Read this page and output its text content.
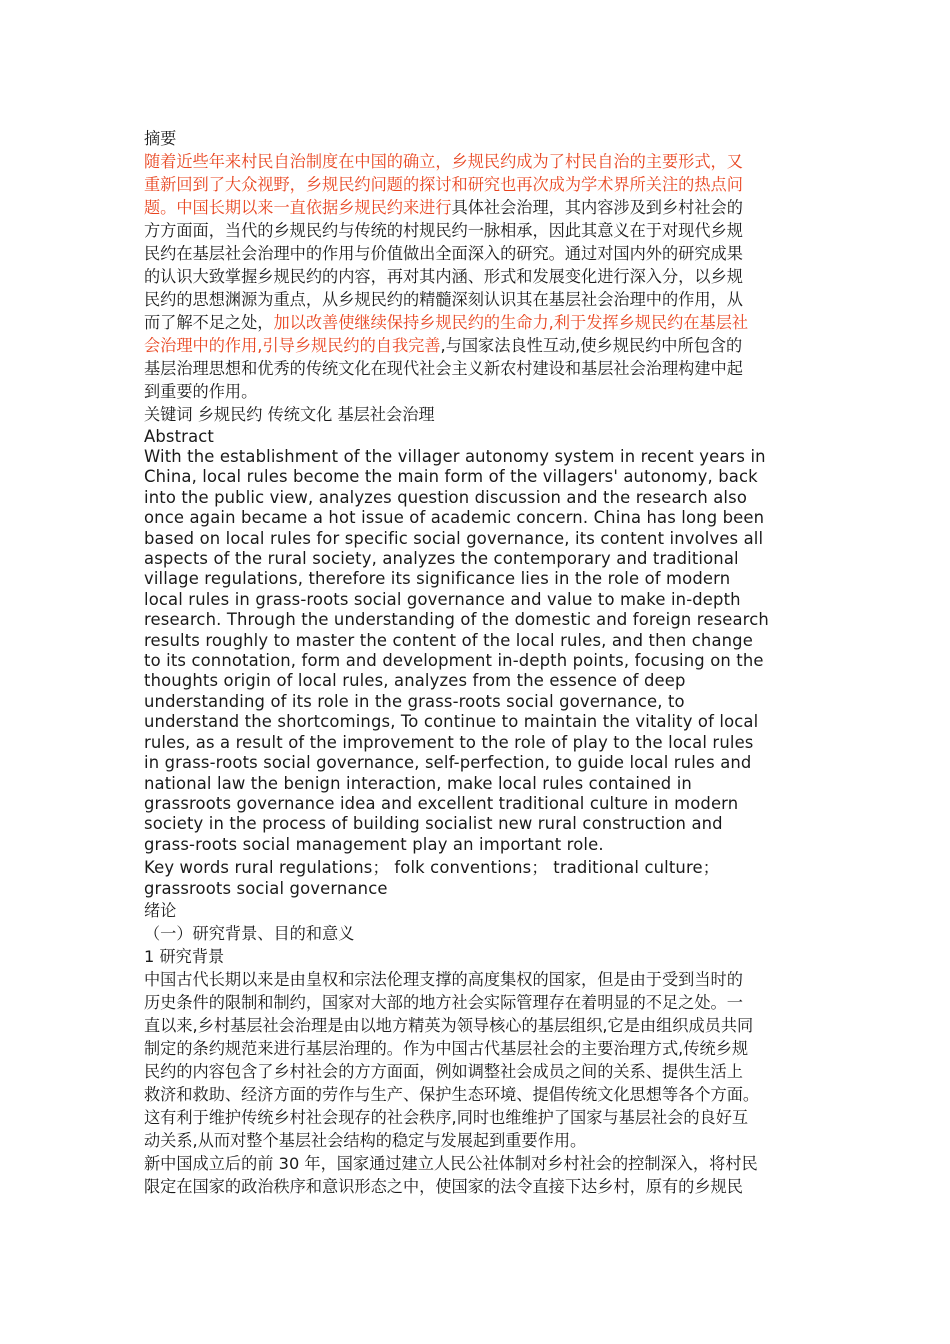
摘要
随着近些年来村民自治制度在中国的确立，乡规民约成为了村民自治的主要形式，又
重新回到了大众视野，乡规民约问题的探讨和研究也再次成为学术界所关注的热点问
题。中国长期以来一直依据乡规民约来进行具体社会治理，其内容涉及到乡村社会的
方方面面，当代的乡规民约与传统的村规民约一脉相承，因此其意义在于对现代乡规
民约在基层社会治理中的作用与价值做出全面深入的研究。通过对国内外的研究成果
的认识大致掌握乡规民约的内容，再对其内涵、形式和发展变化进行深入分，以乡规
民约的思想渊源为重点，从乡规民约的精髓深刻认识其在基层社会治理中的作用，从
而了解不足之处，加以改善使继续保持乡规民约的生命力,利于发挥乡规民约在基层社
会治理中的作用,引导乡规民约的自我完善,与国家法良性互动,使乡规民约中所包含的
基层治理思想和优秀的传统文化在现代社会主义新农村建设和基层社会治理构建中起
到重要的作用。
关键词 乡规民约 传统文化 基层社会治理
Abstract
With the establishment of the villager autonomy system in recent years in
China, local rules become the main form of the villagers' autonomy, back
into the public view, analyzes question discussion and the research also
once again became a hot issue of academic concern. China has long been
based on local rules for specific social governance, its content involves all
aspects of the rural society, analyzes the contemporary and traditional
village regulations, therefore its significance lies in the role of modern
local rules in grass-roots social governance and value to make in-depth
research. Through the understanding of the domestic and foreign research
results roughly to master the content of the local rules, and then change
to its connotation, form and development in-depth points, focusing on the
thoughts origin of local rules, analyzes from the essence of deep
understanding of its role in the grass-roots social governance, to
understand the shortcomings, To continue to maintain the vitality of local
rules, as a result of the improvement to the role of play to the local rules
in grass-roots social governance, self-perfection, to guide local rules and
national law the benign interaction, make local rules contained in
grassroots governance idea and excellent traditional culture in modern
society in the process of building socialist new rural construction and
grass-roots social management play an important role.
Key words rural regulations； folk conventions； traditional culture；
grassroots social governance
绪论
（一）研究背景、目的和意义
1 研究背景
中国古代长期以来是由皇权和宗法伦理支撑的高度集权的国家，但是由于受到当时的
历史条件的限制和制约，国家对大部的地方社会实际管理存在着明显的不足之处。一
直以来,乡村基层社会治理是由以地方精英为领导核心的基层组织,它是由组织成员共同
制定的条约规范来进行基层治理的。作为中国古代基层社会的主要治理方式,传统乡规
民约的内容包含了乡村社会的方方面面，例如调整社会成员之间的关系、提供生活上
救济和救助、经济方面的劳作与生产、保护生态环境、提倡传统文化思想等各个方面。
这有利于维护传统乡村社会现存的社会秩序,同时也维维护了国家与基层社会的良好互
动关系,从而对整个基层社会结构的稳定与发展起到重要作用。
新中国成立后的前 30 年，国家通过建立人民公社体制对乡村社会的控制深入，将村民
限定在国家的政治秩序和意识形态之中，使国家的法令直接下达乡村，原有的乡规民
